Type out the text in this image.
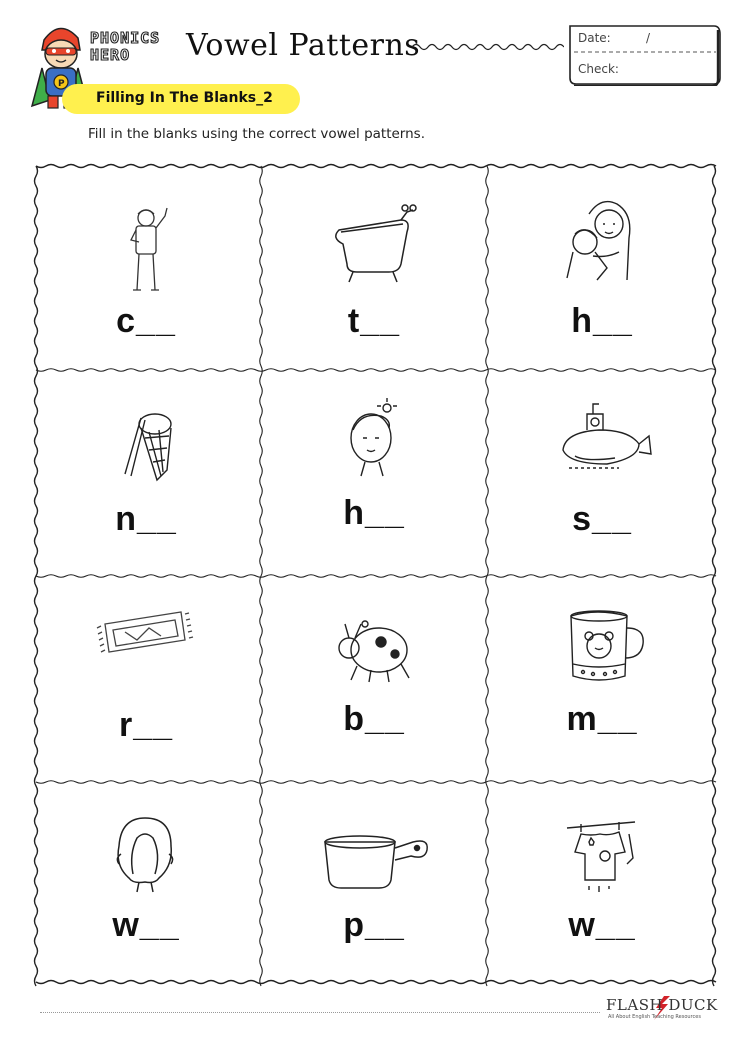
P
PHONICS
HERO Vowel Patterns	Date:	/
Check:
Filling In The Blanks_2
Fill in the blanks using the correct vowel patterns.
c__	t__	h__
n__	h__	s__
r__	b__	m__
w__	p__	w__
FLASH DUCK
All About English Teaching Resources
